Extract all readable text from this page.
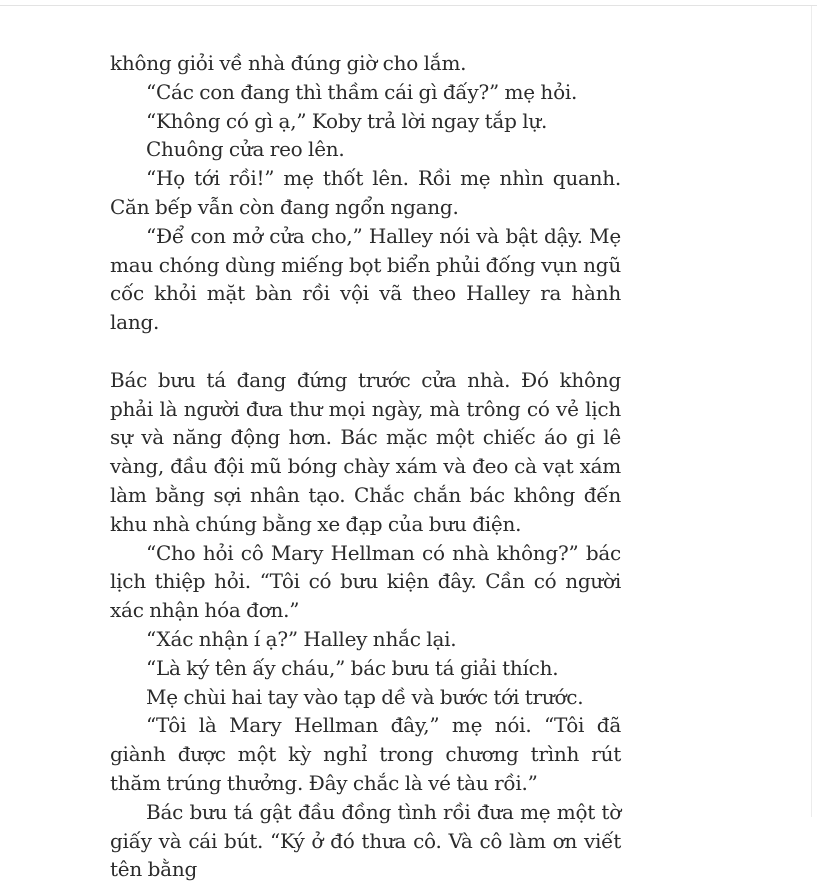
không giỏi về nhà đúng giờ cho lắm.

“Các con đang thì thầm cái gì đấy?” mẹ hỏi.

“Không có gì ạ,” Koby trả lời ngay tắp lự.

Chuông cửa reo lên.

“Họ tới rồi!” mẹ thốt lên. Rồi mẹ nhìn quanh. Căn bếp vẫn còn đang ngổn ngang.

“Để con mở cửa cho,” Halley nói và bật dậy. Mẹ mau chóng dùng miếng bọt biển phủi đống vụn ngũ cốc khỏi mặt bàn rồi vội vã theo Halley ra hành lang.

Bác bưu tá đang đứng trước cửa nhà. Đó không phải là người đưa thư mọi ngày, mà trông có vẻ lịch sự và năng động hơn. Bác mặc một chiếc áo gi lê vàng, đầu đội mũ bóng chày xám và đeo cà vạt xám làm bằng sợi nhân tạo. Chắc chắn bác không đến khu nhà chúng bằng xe đạp của bưu điện.

“Cho hỏi cô Mary Hellman có nhà không?” bác lịch thiệp hỏi. “Tôi có bưu kiện đây. Cần có người xác nhận hóa đơn.”

“Xác nhận í ạ?” Halley nhắc lại.

“Là ký tên ấy cháu,” bác bưu tá giải thích.

Mẹ chùi hai tay vào tạp dề và bước tới trước.

“Tôi là Mary Hellman đây,” mẹ nói. “Tôi đã giành được một kỳ nghỉ trong chương trình rút thăm trúng thưởng. Đây chắc là vé tàu rồi.”

Bác bưu tá gật đầu đồng tình rồi đưa mẹ một tờ giấy và cái bút. “Ký ở đó thưa cô. Và cô làm ơn viết tên bằng
